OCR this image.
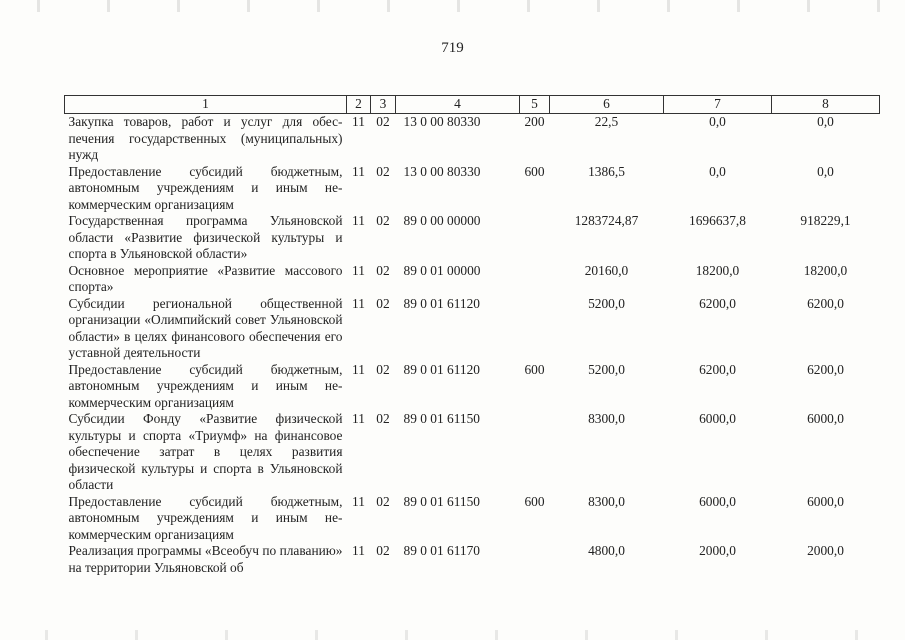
719
1	2	3	4	5	6	7	8
Закупка товаров, работ и услуг для обеспечения государственных (муниципальных) нужд	11	02	13 0 00 80330	200	22,5	0,0	0,0
Предоставление субсидий бюджетным, автономным учреждениям и иным некоммерческим организациям	11	02	13 0 00 80330	600	1386,5	0,0	0,0
Государственная программа Ульяновской области «Развитие физической культуры и спорта в Ульяновской области»	11	02	89 0 00 00000		1283724,87	1696637,8	918229,1
Основное мероприятие «Развитие массового спорта»	11	02	89 0 01 00000		20160,0	18200,0	18200,0
Субсидии региональной общественной организации «Олимпийский совет Ульяновской области» в целях финансового обеспечения его уставной деятельности	11	02	89 0 01 61120		5200,0	6200,0	6200,0
Предоставление субсидий бюджетным, автономным учреждениям и иным некоммерческим организациям	11	02	89 0 01 61120	600	5200,0	6200,0	6200,0
Субсидии Фонду «Развитие физической культуры и спорта «Триумф» на финансовое обеспечение затрат в целях развития физической культуры и спорта в Ульяновской области	11	02	89 0 01 61150		8300,0	6000,0	6000,0
Предоставление субсидий бюджетным, автономным учреждениям и иным некоммерческим организациям	11	02	89 0 01 61150	600	8300,0	6000,0	6000,0
Реализация программы «Всеобуч по плаванию» на территории Ульяновской об	11	02	89 0 01 61170		4800,0	2000,0	2000,0
